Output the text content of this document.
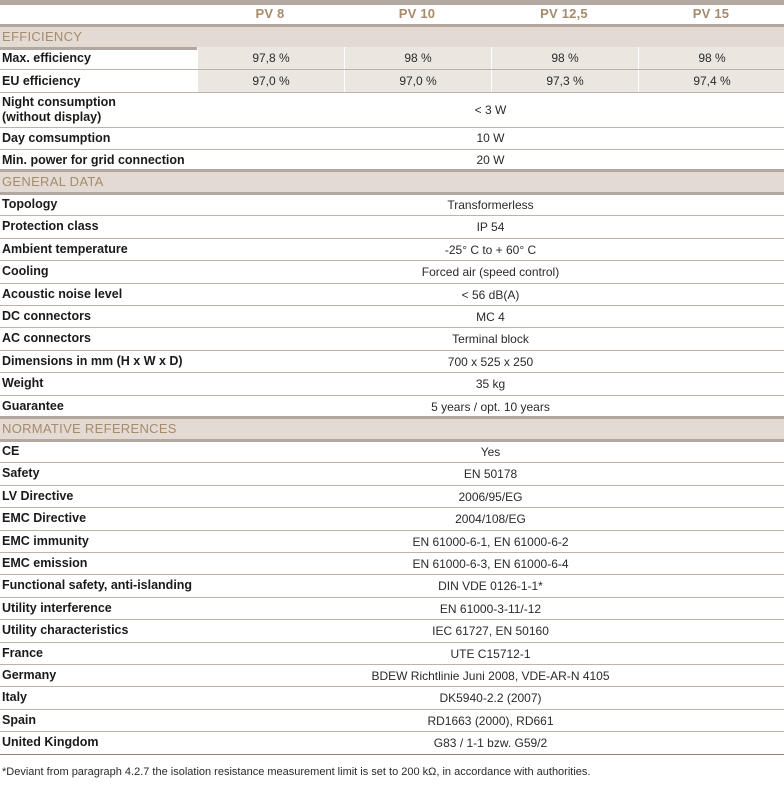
PV 8	PV 10	PV 12,5	PV 15
EFFICIENCY
Max. efficiency	97,8 %	98 %	98 %	98 %
EU efficiency	97,0 %	97,0 %	97,3 %	97,4 %
Night consumption
(without display)	< 3 W
Day comsumption	10 W
Min. power for grid connection	20 W
GENERAL DATA
Topology	Transformerless
Protection class	IP 54
Ambient temperature	-25° C to + 60° C
Cooling	Forced air (speed control)
Acoustic noise level	< 56 dB(A)
DC connectors	MC 4
AC connectors	Terminal block
Dimensions in mm (H x W x D)	700 x 525 x 250
Weight	35 kg
Guarantee	5 years / opt. 10 years
NORMATIVE REFERENCES
CE	Yes
Safety	EN 50178
LV Directive	2006/95/EG
EMC Directive	2004/108/EG
EMC immunity	EN 61000-6-1, EN 61000-6-2
EMC emission	EN 61000-6-3, EN 61000-6-4
Functional safety, anti-islanding	DIN VDE 0126-1-1*
Utility interference	EN 61000-3-11/-12
Utility characteristics	IEC 61727, EN 50160
France	UTE C15712-1
Germany	BDEW Richtlinie Juni 2008, VDE-AR-N 4105
Italy	DK5940-2.2 (2007)
Spain	RD1663 (2000), RD661
United Kingdom	G83 / 1-1 bzw. G59/2
*Deviant from paragraph 4.2.7 the isolation resistance measurement limit is set to 200 kΩ, in accordance with authorities.
